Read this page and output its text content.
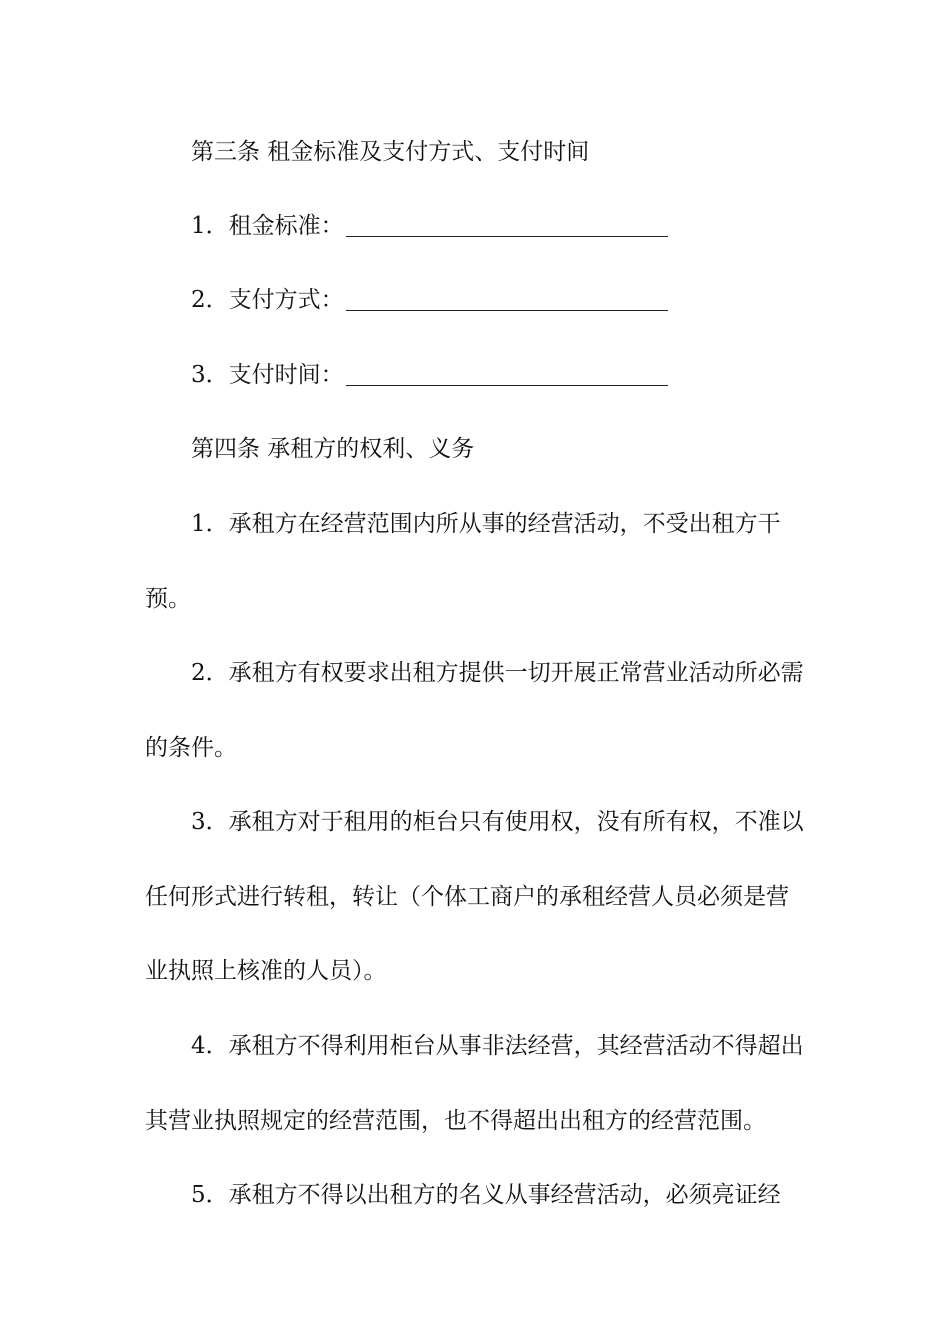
第三条 租金标准及支付方式、支付时间

1．租金标准：

2．支付方式：

3．支付时间：

第四条 承租方的权利、义务

1．承租方在经营范围内所从事的经营活动，不受出租方干预。

2．承租方有权要求出租方提供一切开展正常营业活动所必需的条件。

3．承租方对于租用的柜台只有使用权，没有所有权，不准以任何形式进行转租，转让（个体工商户的承租经营人员必须是营业执照上核准的人员）。

4．承租方不得利用柜台从事非法经营，其经营活动不得超出其营业执照规定的经营范围，也不得超出出租方的经营范围。

5．承租方不得以出租方的名义从事经营活动，必须亮证经
